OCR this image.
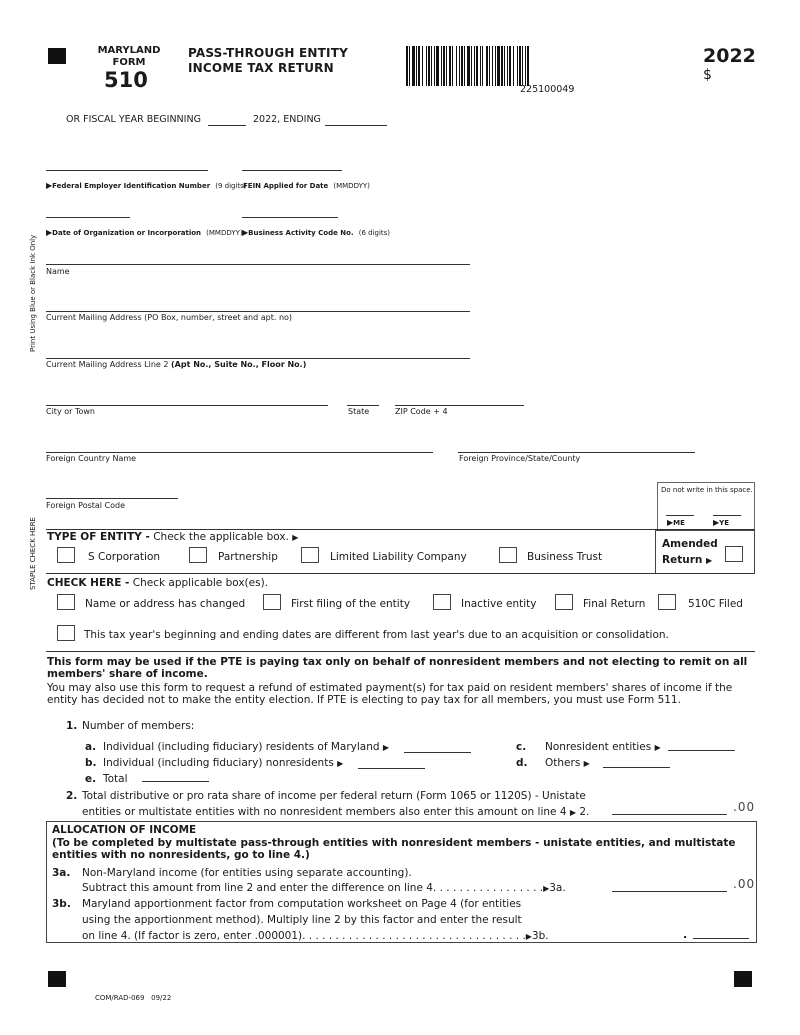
MARYLAND
FORM
510
PASS-THROUGH ENTITY
INCOME TAX RETURN
225100049
2022
$
OR FISCAL YEAR BEGINNING	2022, ENDING
▶Federal Employer Identification Number (9 digits)
FEIN Applied for Date (MMDDYY)
▶Date of Organization or Incorporation (MMDDYY) ▶Business Activity Code No. (6 digits)
Print Using Blue or Black Ink Only
STAPLE CHECK HERE
Name
Current Mailing Address (PO Box, number, street and apt. no)
Current Mailing Address Line 2 (Apt No., Suite No., Floor No.)
City or Town	State	ZIP Code + 4
Foreign Country Name	Foreign Province/State/County
Foreign Postal Code
Do not write in this space.
▶ME	▶YE
TYPE OF ENTITY - Check the applicable box. ▶
S Corporation	Partnership	Limited Liability Company	Business Trust
Amended
Return ▶
CHECK HERE - Check applicable box(es).
Name or address has changed	First filing of the entity	Inactive entity	Final Return	510C Filed
This tax year's beginning and ending dates are different from last year's due to an acquisition or consolidation.
This form may be used if the PTE is paying tax only on behalf of nonresident members and not electing to remit on all members' share of income.
You may also use this form to request a refund of estimated payment(s) for tax paid on resident members' shares of income if the entity has decided not to make the entity election. If PTE is electing to pay tax for all members, you must use Form 511.
1. Number of members:
a. Individual (including fiduciary) residents of Maryland ▶
b. Individual (including fiduciary) nonresidents ▶
e. Total
c. Nonresident entities ▶
d. Others ▶
2. Total distributive or pro rata share of income per federal return (Form 1065 or 1120S) - Unistate
entities or multistate entities with no nonresident members also enter this amount on line 4 ▶ 2.	.00
ALLOCATION OF INCOME
(To be completed by multistate pass-through entities with nonresident members - unistate entities, and multistate entities with no nonresidents, go to line 4.)
3a. Non-Maryland income (for entities using separate accounting).
Subtract this amount from line 2 and enter the difference on line 4. . . . . . . . . . . . . . . . .▶3a.	.00
3b. Maryland apportionment factor from computation worksheet on Page 4 (for entities
using the apportionment method). Multiply line 2 by this factor and enter the result
on line 4. (If factor is zero, enter .000001). . . . . . . . . . . . . . . . . . . . . . . . . . . . . . . . . .▶3b.	.
COM/RAD-069 09/22
